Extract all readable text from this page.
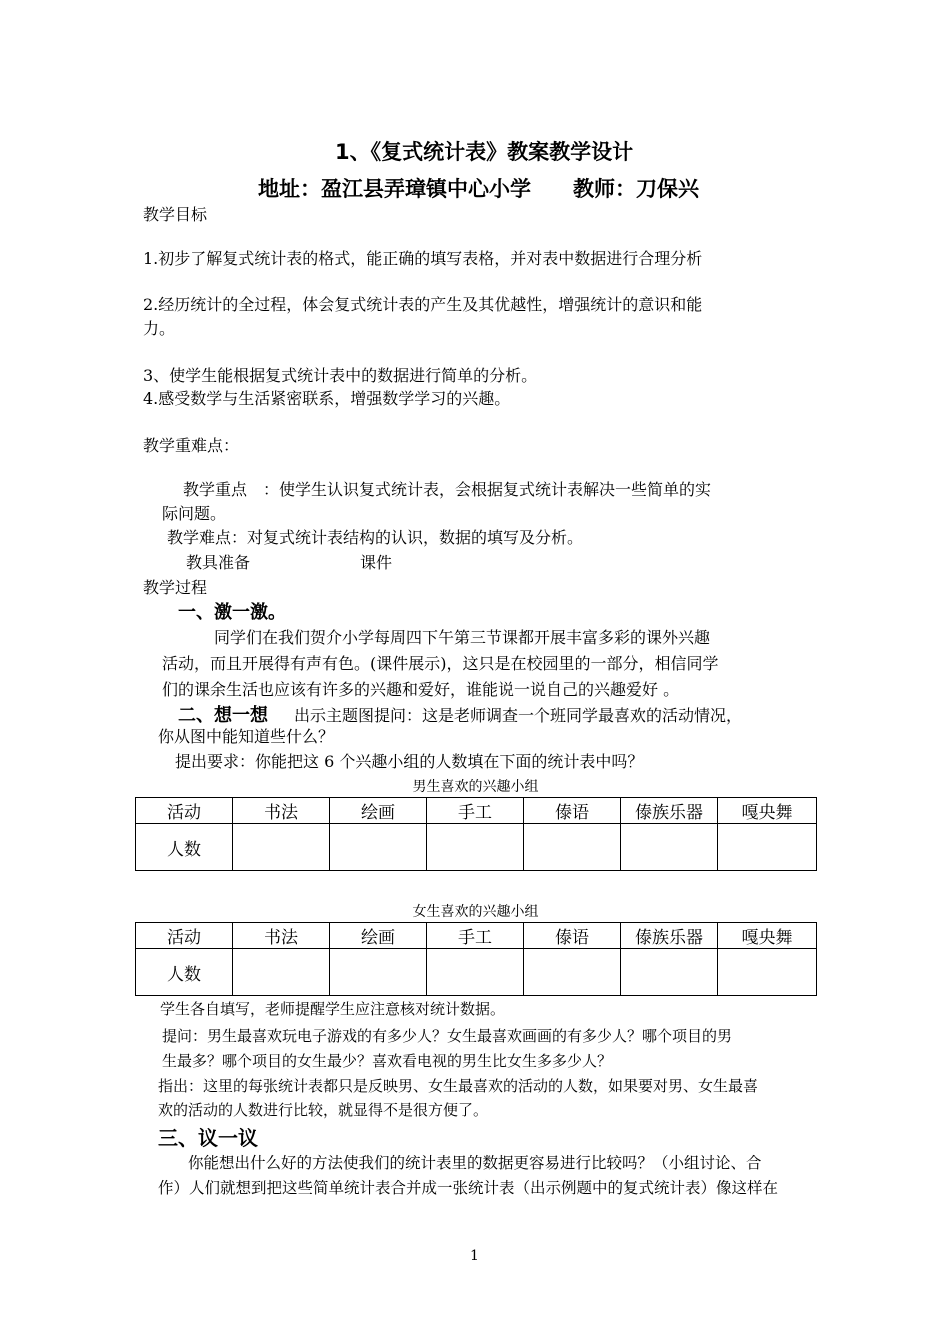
1、《复式统计表》教案教学设计
地址：盈江县弄璋镇中心小学　　教师：刀保兴
教学目标
1.初步了解复式统计表的格式，能正确的填写表格，并对表中数据进行合理分析
2.经历统计的全过程，体会复式统计表的产生及其优越性，增强统计的意识和能
力。
3、使学生能根据复式统计表中的数据进行简单的分析。
4.感受数学与生活紧密联系，增强数学学习的兴趣。
教学重难点：
教学重点　：使学生认识复式统计表，会根据复式统计表解决一些简单的实
际问题。
教学难点：对复式统计表结构的认识，数据的填写及分析。
教具准备	课件
教学过程
一、激一激。
同学们在我们贺介小学每周四下午第三节课都开展丰富多彩的课外兴趣
活动，而且开展得有声有色。(课件展示)，这只是在校园里的一部分，相信同学
们的课余生活也应该有许多的兴趣和爱好，谁能说一说自己的兴趣爱好 。
二、想一想 出示主题图提问：这是老师调查一个班同学最喜欢的活动情况，
你从图中能知道些什么？
提出要求：你能把这 6 个兴趣小组的人数填在下面的统计表中吗？
男生喜欢的兴趣小组
活动	书法	绘画	手工	傣语	傣族乐器	嘎央舞
人数						
女生喜欢的兴趣小组
活动	书法	绘画	手工	傣语	傣族乐器	嘎央舞
人数						
学生各自填写，老师提醒学生应注意核对统计数据。
提问：男生最喜欢玩电子游戏的有多少人？女生最喜欢画画的有多少人？哪个项目的男
生最多？哪个项目的女生最少？喜欢看电视的男生比女生多多少人？
指出：这里的每张统计表都只是反映男、女生最喜欢的活动的人数，如果要对男、女生最喜
欢的活动的人数进行比较，就显得不是很方便了。
三、议一议
你能想出什么好的方法使我们的统计表里的数据更容易进行比较吗？（小组讨论、合
作）人们就想到把这些简单统计表合并成一张统计表（出示例题中的复式统计表）像这样在
1
